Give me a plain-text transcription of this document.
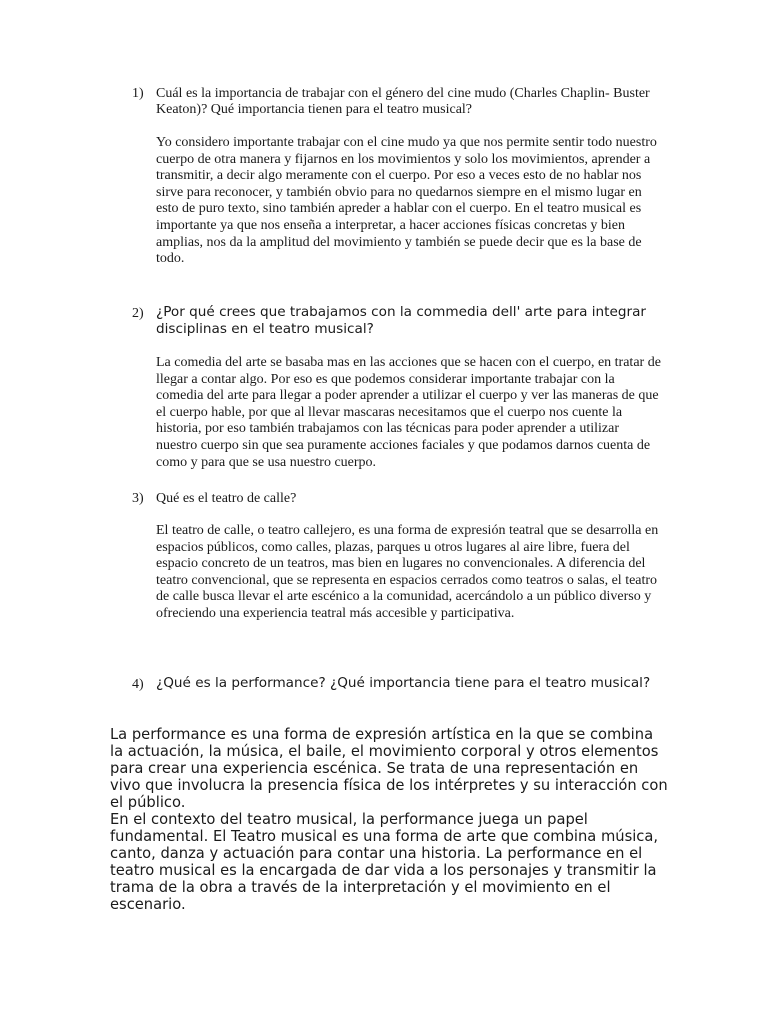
1) Cuál es la importancia de trabajar con el género del cine mudo (Charles Chaplin- Buster Keaton)? Qué importancia tienen para el teatro musical?
Yo considero importante trabajar con el cine mudo ya que nos permite sentir todo nuestro cuerpo de otra manera y fijarnos en los movimientos y solo los movimientos, aprender a transmitir, a decir algo meramente con el cuerpo. Por eso a veces esto de no hablar nos sirve para reconocer, y también obvio para no quedarnos siempre en el mismo lugar en esto de puro texto, sino también apreder a hablar con el cuerpo. En el teatro musical es importante ya que nos enseña a interpretar, a hacer acciones físicas concretas y bien amplias, nos da la amplitud del movimiento y también se puede decir que es la base de todo.
2) ¿Por qué crees que trabajamos con la commedia dell' arte para integrar disciplinas en el teatro musical?
La comedia del arte se basaba mas en las acciones que se hacen con el cuerpo, en tratar de llegar a contar algo. Por eso es que podemos considerar importante trabajar con la comedia del arte para llegar a poder aprender a utilizar el cuerpo y ver las maneras de que el cuerpo hable, por que al llevar mascaras necesitamos que el cuerpo nos cuente la historia, por eso también trabajamos con las técnicas para poder aprender a utilizar nuestro cuerpo sin que sea puramente acciones faciales y que podamos darnos cuenta de como y para que se usa nuestro cuerpo.
3) Qué es el teatro de calle?
El teatro de calle, o teatro callejero, es una forma de expresión teatral que se desarrolla en espacios públicos, como calles, plazas, parques u otros lugares al aire libre, fuera del espacio concreto de un teatros, mas bien en lugares no convencionales. A diferencia del teatro convencional, que se representa en espacios cerrados como teatros o salas, el teatro de calle busca llevar el arte escénico a la comunidad, acercándolo a un público diverso y ofreciendo una experiencia teatral más accesible y participativa.
4) ¿Qué es la performance? ¿Qué importancia tiene para el teatro musical?

La performance es una forma de expresión artística en la que se combina la actuación, la música, el baile, el movimiento corporal y otros elementos para crear una experiencia escénica. Se trata de una representación en vivo que involucra la presencia física de los intérpretes y su interacción con el público.

En el contexto del teatro musical, la performance juega un papel fundamental. El Teatro musical es una forma de arte que combina música, canto, danza y actuación para contar una historia. La performance en el teatro musical es la encargada de dar vida a los personajes y transmitir la trama de la obra a través de la interpretación y el movimiento en el escenario.
